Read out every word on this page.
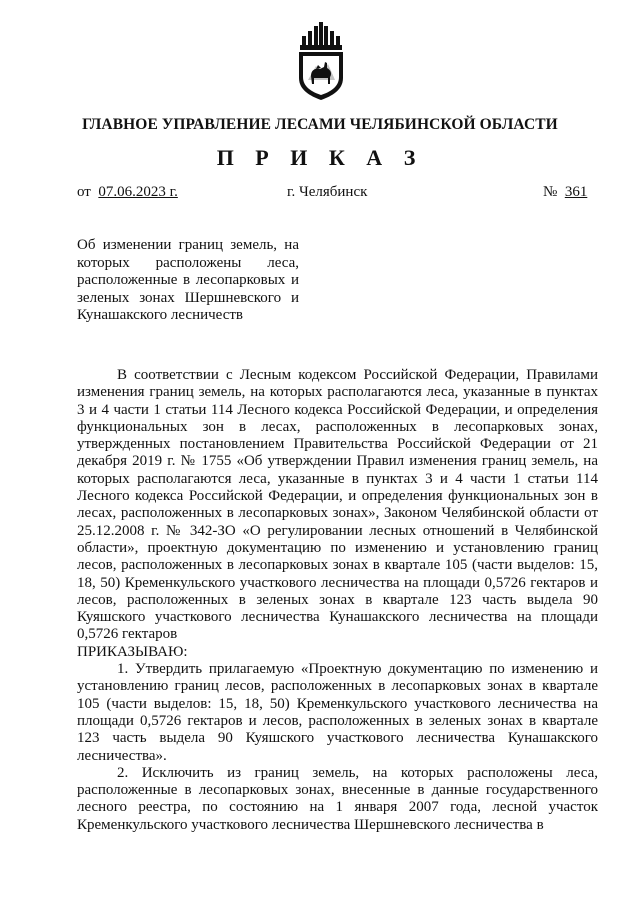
ГЛАВНОЕ УПРАВЛЕНИЕ ЛЕСАМИ ЧЕЛЯБИНСКОЙ ОБЛАСТИ
П Р И К А З
от 07.06.2023 г.	г. Челябинск	№ 361
Об изменении границ земель, на которых расположены леса, расположенные в лесопарковых и зеленых зонах Шершневского и Кунашакского лесничеств

В соответствии с Лесным кодексом Российской Федерации, Правилами изменения границ земель, на которых располагаются леса, указанные в пунктах 3 и 4 части 1 статьи 114 Лесного кодекса Российской Федерации, и определения функциональных зон в лесах, расположенных в лесопарковых зонах, утвержденных постановлением Правительства Российской Федерации от 21 декабря 2019 г. № 1755 «Об утверждении Правил изменения границ земель, на которых располагаются леса, указанные в пунктах 3 и 4 части 1 статьи 114 Лесного кодекса Российской Федерации, и определения функциональных зон в лесах, расположенных в лесопарковых зонах», Законом Челябинской области от 25.12.2008 г. № 342-ЗО «О регулировании лесных отношений в Челябинской области», проектную документацию по изменению и установлению границ лесов, расположенных в лесопарковых зонах в квартале 105 (части выделов: 15, 18, 50) Кременкульского участкового лесничества на площади 0,5726 гектаров и лесов, расположенных в зеленых зонах в квартале 123 часть выдела 90 Куяшского участкового лесничества Кунашакского лесничества на площади 0,5726 гектаров

ПРИКАЗЫВАЮ:

1. Утвердить прилагаемую «Проектную документацию по изменению и установлению границ лесов, расположенных в лесопарковых зонах в квартале 105 (части выделов: 15, 18, 50) Кременкульского участкового лесничества на площади 0,5726 гектаров и лесов, расположенных в зеленых зонах в квартале 123 часть выдела 90 Куяшского участкового лесничества Кунашакского лесничества».

2. Исключить из границ земель, на которых расположены леса, расположенные в лесопарковых зонах, внесенные в данные государственного лесного реестра, по состоянию на 1 января 2007 года, лесной участок Кременкульского участкового лесничества Шершневского лесничества в
